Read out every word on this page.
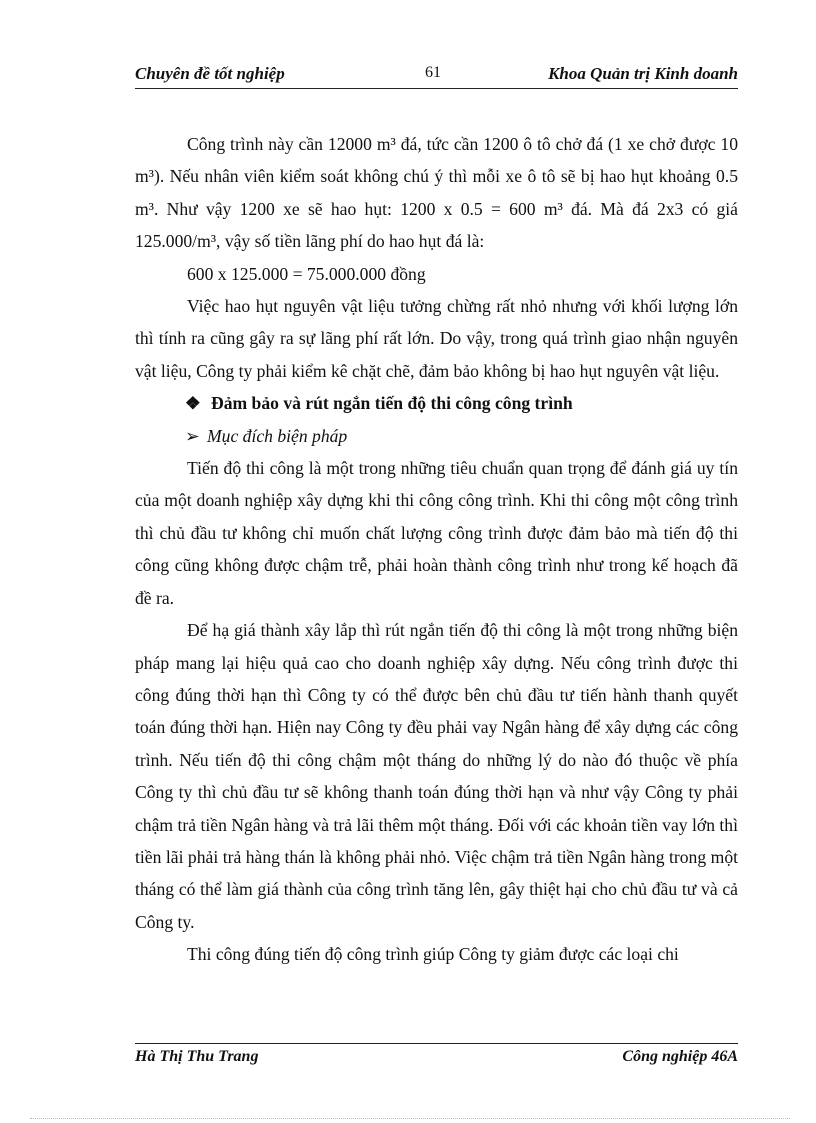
Chuyên đề tốt nghiệp	61	Khoa Quản trị Kinh doanh

Công trình này cần 12000 m³ đá, tức cần 1200 ô tô chở đá (1 xe chở được 10 m³). Nếu nhân viên kiểm soát không chú ý thì mỗi xe ô tô sẽ bị hao hụt khoảng 0.5 m³. Như vậy 1200 xe sẽ hao hụt: 1200 x 0.5 = 600 m³ đá. Mà đá 2x3 có giá 125.000/m³, vậy số tiền lãng phí do hao hụt đá là:

600 x 125.000 = 75.000.000 đồng

Việc hao hụt nguyên vật liệu tưởng chừng rất nhỏ nhưng với khối lượng lớn thì tính ra cũng gây ra sự lãng phí rất lớn. Do vậy, trong quá trình giao nhận nguyên vật liệu, Công ty phải kiểm kê chặt chẽ, đảm bảo không bị hao hụt nguyên vật liệu.

❖ Đảm bảo và rút ngắn tiến độ thi công công trình

➢ Mục đích biện pháp

Tiến độ thi công là một trong những tiêu chuẩn quan trọng để đánh giá uy tín của một doanh nghiệp xây dựng khi thi công công trình. Khi thi công một công trình thì chủ đầu tư không chỉ muốn chất lượng công trình được đảm bảo mà tiến độ thi công cũng không được chậm trễ, phải hoàn thành công trình như trong kế hoạch đã đề ra.

Để hạ giá thành xây lắp thì rút ngắn tiến độ thi công là một trong những biện pháp mang lại hiệu quả cao cho doanh nghiệp xây dựng. Nếu công trình được thi công đúng thời hạn thì Công ty có thể được bên chủ đầu tư tiến hành thanh quyết toán đúng thời hạn. Hiện nay Công ty đều phải vay Ngân hàng để xây dựng các công trình. Nếu tiến độ thi công chậm một tháng do những lý do nào đó thuộc về phía Công ty thì chủ đầu tư sẽ không thanh toán đúng thời hạn và như vậy Công ty phải chậm trả tiền Ngân hàng và trả lãi thêm một tháng. Đối với các khoản tiền vay lớn thì tiền lãi phải trả hàng thán là không phải nhỏ. Việc chậm trả tiền Ngân hàng trong một tháng có thể làm giá thành của công trình tăng lên, gây thiệt hại cho chủ đầu tư và cả Công ty.

Thi công đúng tiến độ công trình giúp Công ty giảm được các loại chi

Hà Thị Thu Trang	Công nghiệp 46A
